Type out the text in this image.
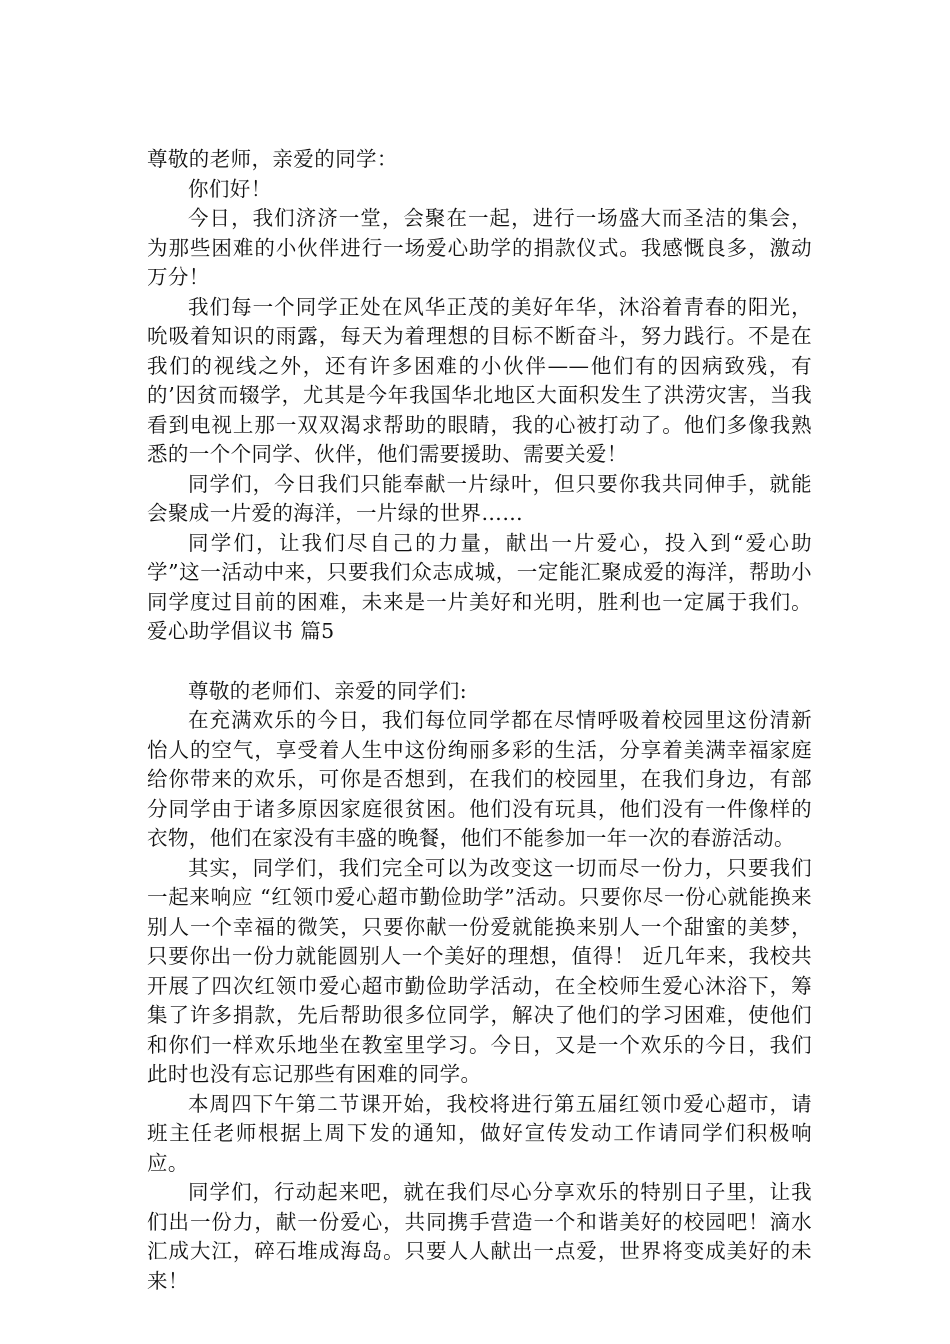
尊敬的老师，亲爱的同学：

你们好！

今日，我们济济一堂，会聚在一起，进行一场盛大而圣洁的集会，为那些困难的小伙伴进行一场爱心助学的捐款仪式。我感慨良多，激动万分！

我们每一个同学正处在风华正茂的美好年华，沐浴着青春的阳光，吮吸着知识的雨露，每天为着理想的目标不断奋斗，努力践行。不是在我们的视线之外，还有许多困难的小伙伴——他们有的因病致残，有的’因贫而辍学，尤其是今年我国华北地区大面积发生了洪涝灾害，当我看到电视上那一双双渴求帮助的眼睛，我的心被打动了。他们多像我熟悉的一个个同学、伙伴，他们需要援助、需要关爱！

同学们，今日我们只能奉献一片绿叶，但只要你我共同伸手，就能会聚成一片爱的海洋，一片绿的世界……

同学们，让我们尽自己的力量，献出一片爱心，投入到“爱心助学”这一活动中来，只要我们众志成城，一定能汇聚成爱的海洋，帮助小同学度过目前的困难，未来是一片美好和光明，胜利也一定属于我们。爱心助学倡议书 篇5

尊敬的老师们、亲爱的同学们:

在充满欢乐的今日，我们每位同学都在尽情呼吸着校园里这份清新怡人的空气，享受着人生中这份绚丽多彩的生活，分享着美满幸福家庭给你带来的欢乐，可你是否想到，在我们的校园里，在我们身边，有部分同学由于诸多原因家庭很贫困。他们没有玩具，他们没有一件像样的衣物，他们在家没有丰盛的晚餐，他们不能参加一年一次的春游活动。

其实，同学们，我们完全可以为改变这一切而尽一份力，只要我们一起来响应 “红领巾爱心超市勤俭助学”活动。只要你尽一份心就能换来别人一个幸福的微笑，只要你献一份爱就能换来别人一个甜蜜的美梦，只要你出一份力就能圆别人一个美好的理想，值得！ 近几年来，我校共开展了四次红领巾爱心超市勤俭助学活动，在全校师生爱心沐浴下，筹集了许多捐款，先后帮助很多位同学，解决了他们的学习困难，使他们和你们一样欢乐地坐在教室里学习。今日，又是一个欢乐的今日，我们此时也没有忘记那些有困难的同学。

本周四下午第二节课开始，我校将进行第五届红领巾爱心超市，请班主任老师根据上周下发的通知，做好宣传发动工作请同学们积极响应。

同学们，行动起来吧，就在我们尽心分享欢乐的特别日子里，让我们出一份力，献一份爱心，共同携手营造一个和谐美好的校园吧！滴水汇成大江，碎石堆成海岛。只要人人献出一点爱，世界将变成美好的未来！
